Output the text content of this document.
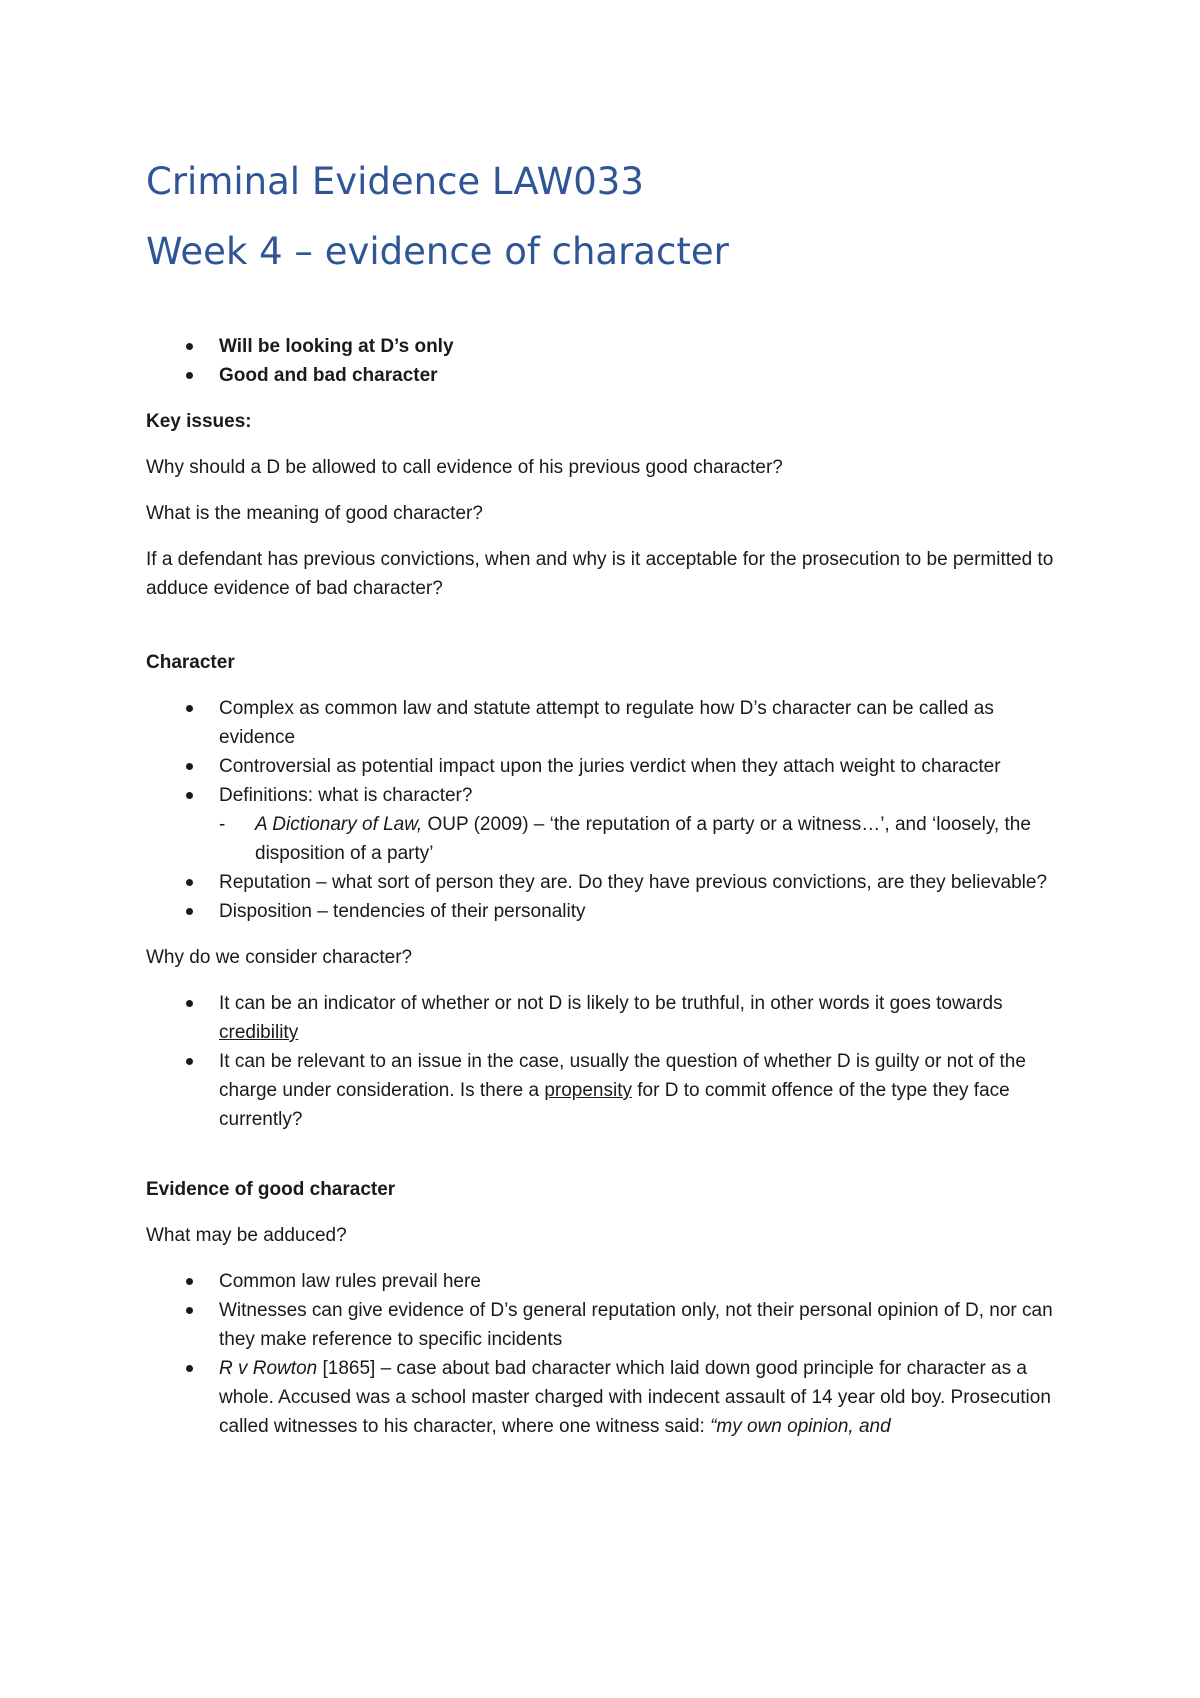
Criminal Evidence LAW033
Week 4 – evidence of character
Will be looking at D’s only
Good and bad character

Key issues:

Why should a D be allowed to call evidence of his previous good character?

What is the meaning of good character?

If a defendant has previous convictions, when and why is it acceptable for the prosecution to be permitted to adduce evidence of bad character?

Character

Complex as common law and statute attempt to regulate how D’s character can be called as evidence
Controversial as potential impact upon the juries verdict when they attach weight to character
Definitions: what is character?
- A Dictionary of Law, OUP (2009) – ‘the reputation of a party or a witness…’, and ‘loosely, the disposition of a party’
Reputation – what sort of person they are. Do they have previous convictions, are they believable?
Disposition – tendencies of their personality

Why do we consider character?

It can be an indicator of whether or not D is likely to be truthful, in other words it goes towards credibility
It can be relevant to an issue in the case, usually the question of whether D is guilty or not of the charge under consideration. Is there a propensity for D to commit offence of the type they face currently?

Evidence of good character

What may be adduced?

Common law rules prevail here
Witnesses can give evidence of D’s general reputation only, not their personal opinion of D, nor can they make reference to specific incidents
R v Rowton [1865] – case about bad character which laid down good principle for character as a whole. Accused was a school master charged with indecent assault of 14 year old boy. Prosecution called witnesses to his character, where one witness said: “my own opinion, and
